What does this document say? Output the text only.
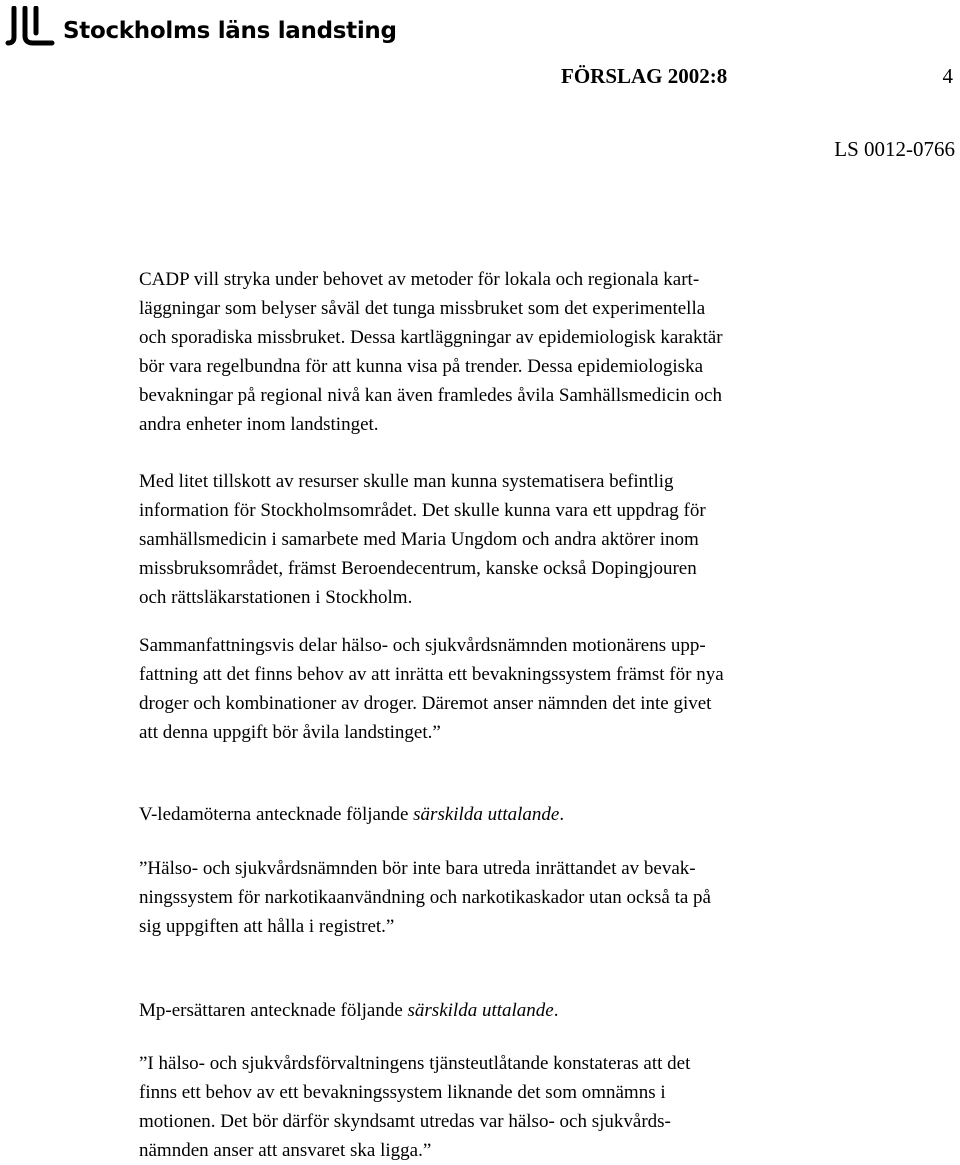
Stockholms läns landsting
FÖRSLAG 2002:8	4
LS 0012-0766
CADP vill stryka under behovet av metoder för lokala och regionala kart-
läggningar som belyser såväl det tunga missbruket som det experimentella
och sporadiska missbruket. Dessa kartläggningar av epidemiologisk karaktär
bör vara regelbundna för att kunna visa på trender. Dessa epidemiologiska
bevakningar på regional nivå kan även framledes åvila Samhällsmedicin och
andra enheter inom landstinget.
Med litet tillskott av resurser skulle man kunna systematisera befintlig
information för Stockholmsområdet. Det skulle kunna vara ett uppdrag för
samhällsmedicin i samarbete med Maria Ungdom och andra aktörer inom
missbruksområdet, främst Beroendecentrum, kanske också Dopingjouren
och rättsläkarstationen i Stockholm.
Sammanfattningsvis delar hälso- och sjukvårdsnämnden motionärens upp-
fattning att det finns behov av att inrätta ett bevakningssystem främst för nya
droger och kombinationer av droger. Däremot anser nämnden det inte givet
att denna uppgift bör åvila landstinget.”
V-ledamöterna antecknade följande särskilda uttalande.
”Hälso- och sjukvårdsnämnden bör inte bara utreda inrättandet av bevak-
ningssystem för narkotikaanvändning och narkotikaskador utan också ta på
sig uppgiften att hålla i registret.”
Mp-ersättaren antecknade följande särskilda uttalande.
”I hälso- och sjukvårdsförvaltningens tjänsteutlåtande konstateras att det
finns ett behov av ett bevakningssystem liknande det som omnämns i
motionen. Det bör därför skyndsamt utredas var hälso- och sjukvårds-
nämnden anser att ansvaret ska ligga.”
